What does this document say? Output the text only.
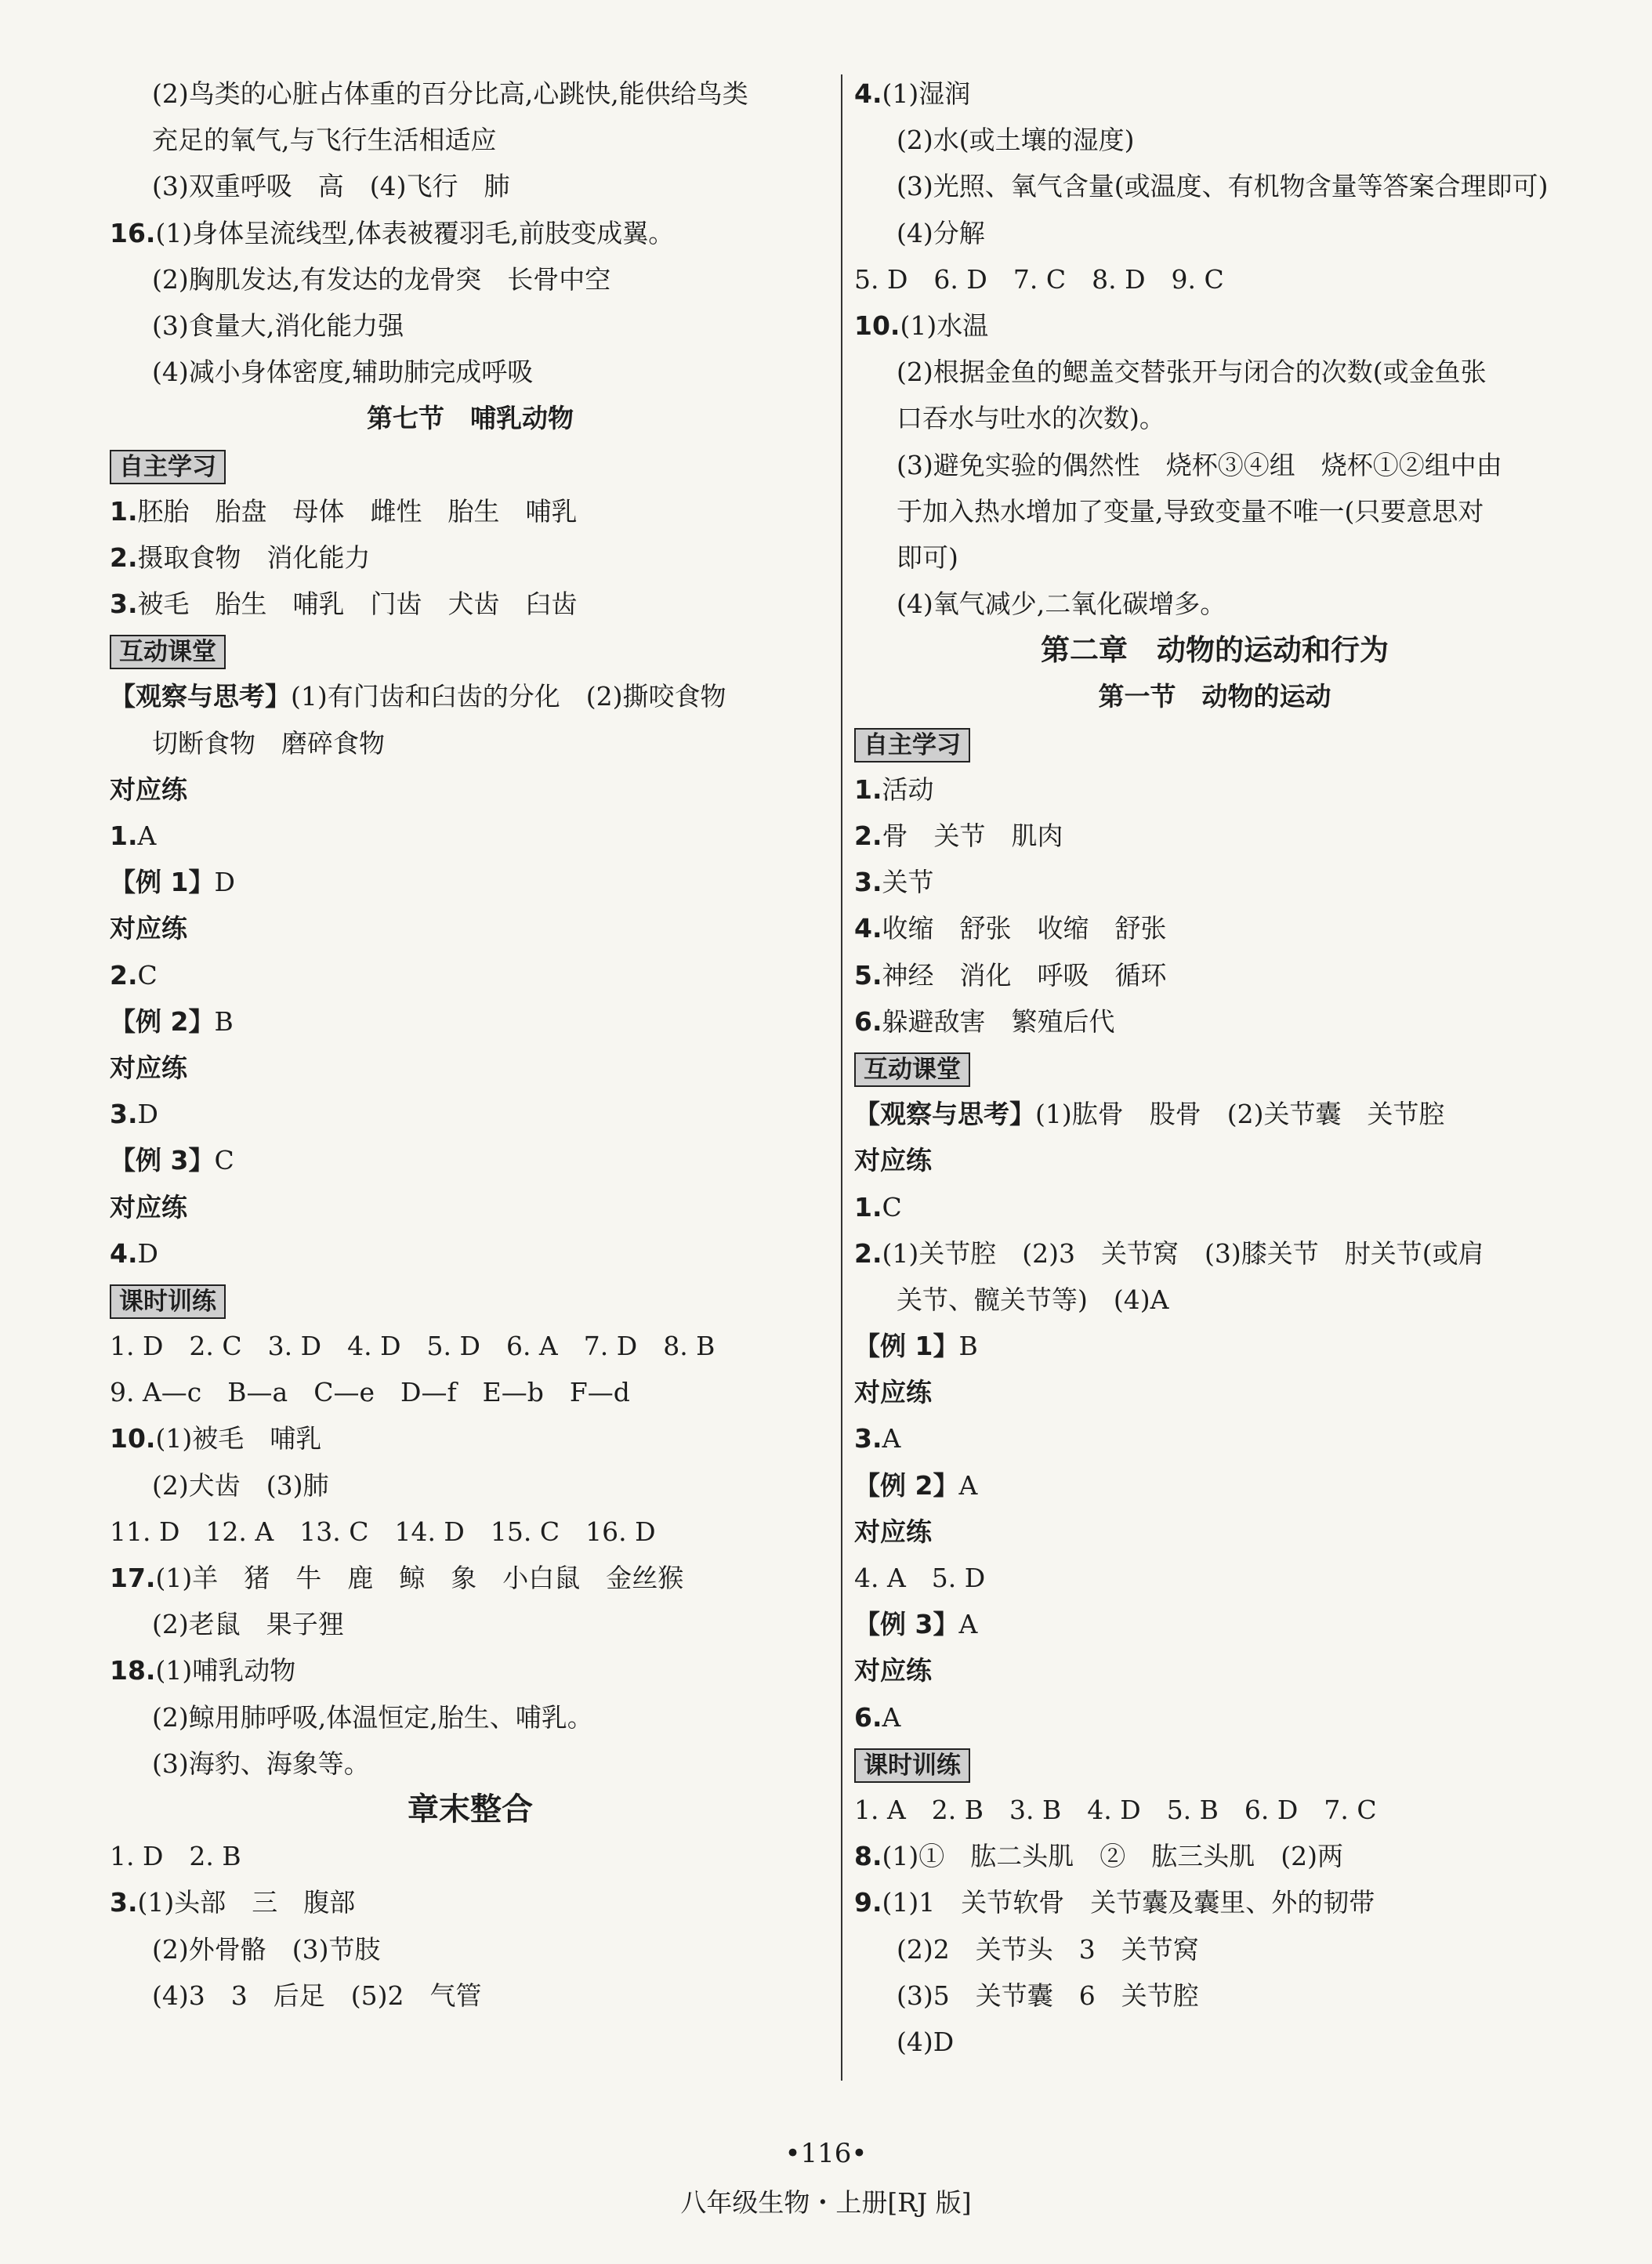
(2)鸟类的心脏占体重的百分比高,心跳快,能供给鸟类
充足的氧气,与飞行生活相适应
(3)双重呼吸　高　(4)飞行　肺
16.(1)身体呈流线型,体表被覆羽毛,前肢变成翼。
(2)胸肌发达,有发达的龙骨突　长骨中空
(3)食量大,消化能力强
(4)减小身体密度,辅助肺完成呼吸
第七节　哺乳动物
自主学习
1.胚胎　胎盘　母体　雌性　胎生　哺乳
2.摄取食物　消化能力
3.被毛　胎生　哺乳　门齿　犬齿　臼齿
互动课堂
【观察与思考】(1)有门齿和臼齿的分化　(2)撕咬食物
切断食物　磨碎食物
对应练
1.A
【例 1】D
对应练
2.C
【例 2】B
对应练
3.D
【例 3】C
对应练
4.D
课时训练
1. D　2. C　3. D　4. D　5. D　6. A　7. D　8. B
9. A—c　B—a　C—e　D—f　E—b　F—d
10.(1)被毛　哺乳
(2)犬齿　(3)肺
11. D　12. A　13. C　14. D　15. C　16. D
17.(1)羊　猪　牛　鹿　鲸　象　小白鼠　金丝猴
(2)老鼠　果子狸
18.(1)哺乳动物
(2)鲸用肺呼吸,体温恒定,胎生、哺乳。
(3)海豹、海象等。
章末整合
1. D　2. B
3.(1)头部　三　腹部
(2)外骨骼　(3)节肢
(4)3　3　后足　(5)2　气管
4.(1)湿润
(2)水(或土壤的湿度)
(3)光照、氧气含量(或温度、有机物含量等答案合理即可)
(4)分解
5. D　6. D　7. C　8. D　9. C
10.(1)水温
(2)根据金鱼的鳃盖交替张开与闭合的次数(或金鱼张
口吞水与吐水的次数)。
(3)避免实验的偶然性　烧杯③④组　烧杯①②组中由
于加入热水增加了变量,导致变量不唯一(只要意思对
即可)
(4)氧气减少,二氧化碳增多。
第二章　动物的运动和行为
第一节　动物的运动
自主学习
1.活动
2.骨　关节　肌肉
3.关节
4.收缩　舒张　收缩　舒张
5.神经　消化　呼吸　循环
6.躲避敌害　繁殖后代
互动课堂
【观察与思考】(1)肱骨　股骨　(2)关节囊　关节腔
对应练
1.C
2.(1)关节腔　(2)3　关节窝　(3)膝关节　肘关节(或肩
关节、髋关节等)　(4)A
【例 1】B
对应练
3.A
【例 2】A
对应练
4. A　5. D
【例 3】A
对应练
6.A
课时训练
1. A　2. B　3. B　4. D　5. B　6. D　7. C
8.(1)①　肱二头肌　②　肱三头肌　(2)两
9.(1)1　关节软骨　关节囊及囊里、外的韧带
(2)2　关节头　3　关节窝
(3)5　关节囊　6　关节腔
(4)D
•116•
八年级生物・上册[RJ 版]
